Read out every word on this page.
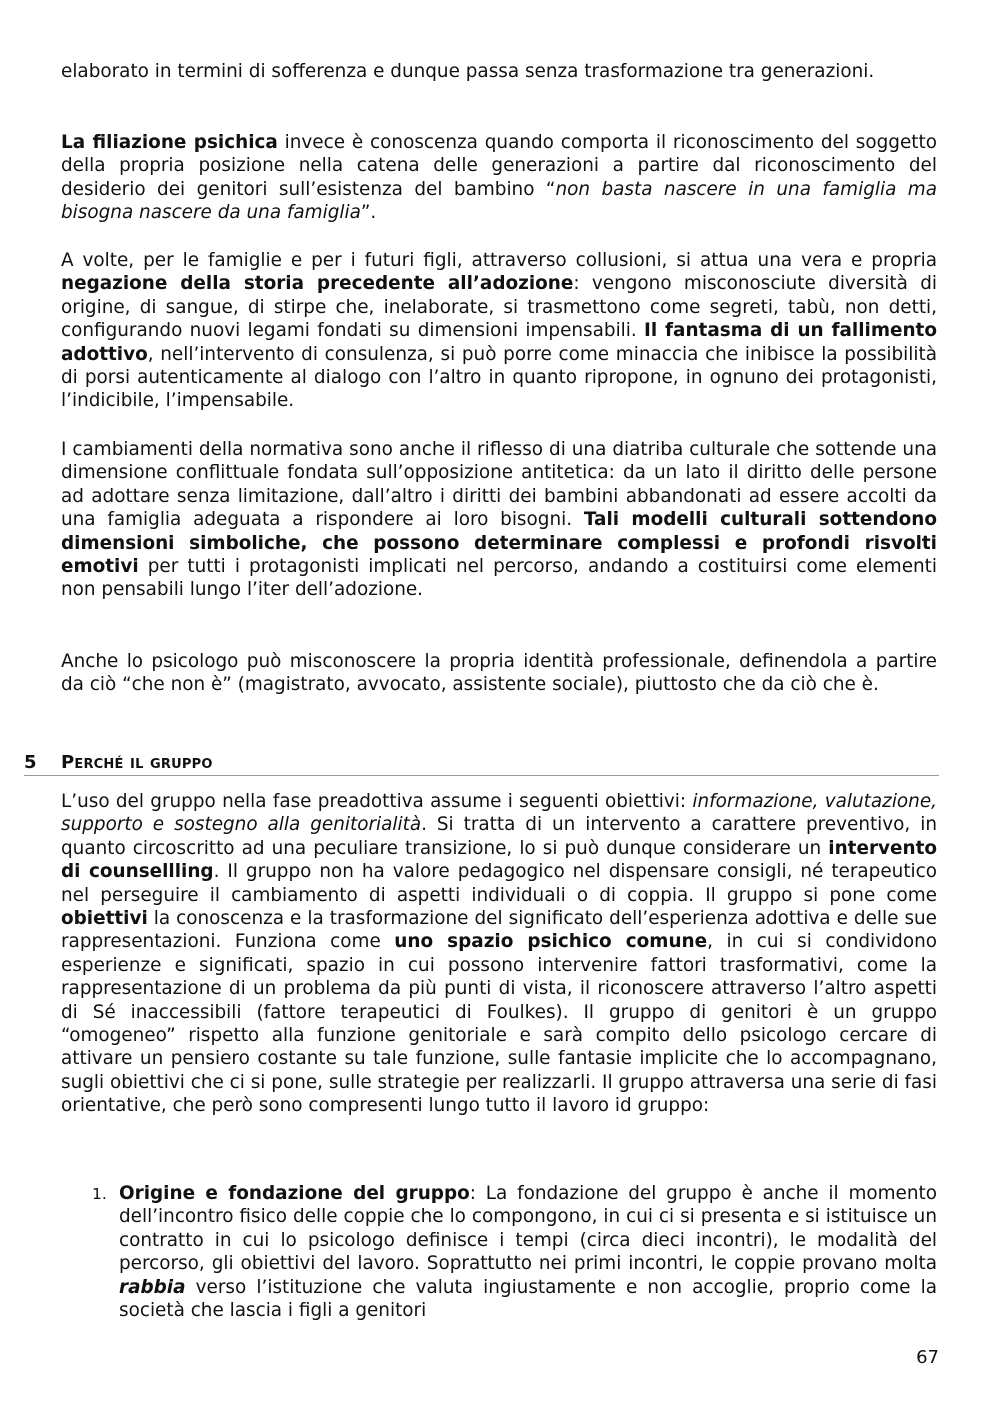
elaborato in termini di sofferenza e dunque passa senza trasformazione tra generazioni.

La filiazione psichica invece è conoscenza quando comporta il riconoscimento del soggetto della propria posizione nella catena delle generazioni a partire dal riconoscimento del desiderio dei genitori sull’esistenza del bambino “non basta nascere in una famiglia ma bisogna nascere da una famiglia”.

A volte, per le famiglie e per i futuri figli, attraverso collusioni, si attua una vera e propria negazione della storia precedente all’adozione: vengono misconosciute diversità di origine, di sangue, di stirpe che, inelaborate, si trasmettono come segreti, tabù, non detti, configurando nuovi legami fondati su dimensioni impensabili. Il fantasma di un fallimento adottivo, nell’intervento di consulenza, si può porre come minaccia che inibisce la possibilità di porsi autenticamente al dialogo con l’altro in quanto ripropone, in ognuno dei protagonisti, l’indicibile, l’impensabile.

I cambiamenti della normativa sono anche il riflesso di una diatriba culturale che sottende una dimensione conflittuale fondata sull’opposizione antitetica: da un lato il diritto delle persone ad adottare senza limitazione, dall’altro i diritti dei bambini abbandonati ad essere accolti da una famiglia adeguata a rispondere ai loro bisogni. Tali modelli culturali sottendono dimensioni simboliche, che possono determinare complessi e profondi risvolti emotivi per tutti i protagonisti implicati nel percorso, andando a costituirsi come elementi non pensabili lungo l’iter dell’adozione.

Anche lo psicologo può misconoscere la propria identità professionale, definendola a partire da ciò “che non è” (magistrato, avvocato, assistente sociale), piuttosto che da ciò che è.

5 Perché il gruppo

L’uso del gruppo nella fase preadottiva assume i seguenti obiettivi: informazione, valutazione, supporto e sostegno alla genitorialità. Si tratta di un intervento a carattere preventivo, in quanto circoscritto ad una peculiare transizione, lo si può dunque considerare un intervento di counsellling. Il gruppo non ha valore pedagogico nel dispensare consigli, né terapeutico nel perseguire il cambiamento di aspetti individuali o di coppia. Il gruppo si pone come obiettivi la conoscenza e la trasformazione del significato dell’esperienza adottiva e delle sue rappresentazioni. Funziona come uno spazio psichico comune, in cui si condividono esperienze e significati, spazio in cui possono intervenire fattori trasformativi, come la rappresentazione di un problema da più punti di vista, il riconoscere attraverso l’altro aspetti di Sé inaccessibili (fattore terapeutici di Foulkes). Il gruppo di genitori è un gruppo “omogeneo” rispetto alla funzione genitoriale e sarà compito dello psicologo cercare di attivare un pensiero costante su tale funzione, sulle fantasie implicite che lo accompagnano, sugli obiettivi che ci si pone, sulle strategie per realizzarli. Il gruppo attraversa una serie di fasi orientative, che però sono compresenti lungo tutto il lavoro id gruppo:

1. Origine e fondazione del gruppo: La fondazione del gruppo è anche il momento dell’incontro fisico delle coppie che lo compongono, in cui ci si presenta e si istituisce un contratto in cui lo psicologo definisce i tempi (circa dieci incontri), le modalità del percorso, gli obiettivi del lavoro. Soprattutto nei primi incontri, le coppie provano molta rabbia verso l’istituzione che valuta ingiustamente e non accoglie, proprio come la società che lascia i figli a genitori

67
